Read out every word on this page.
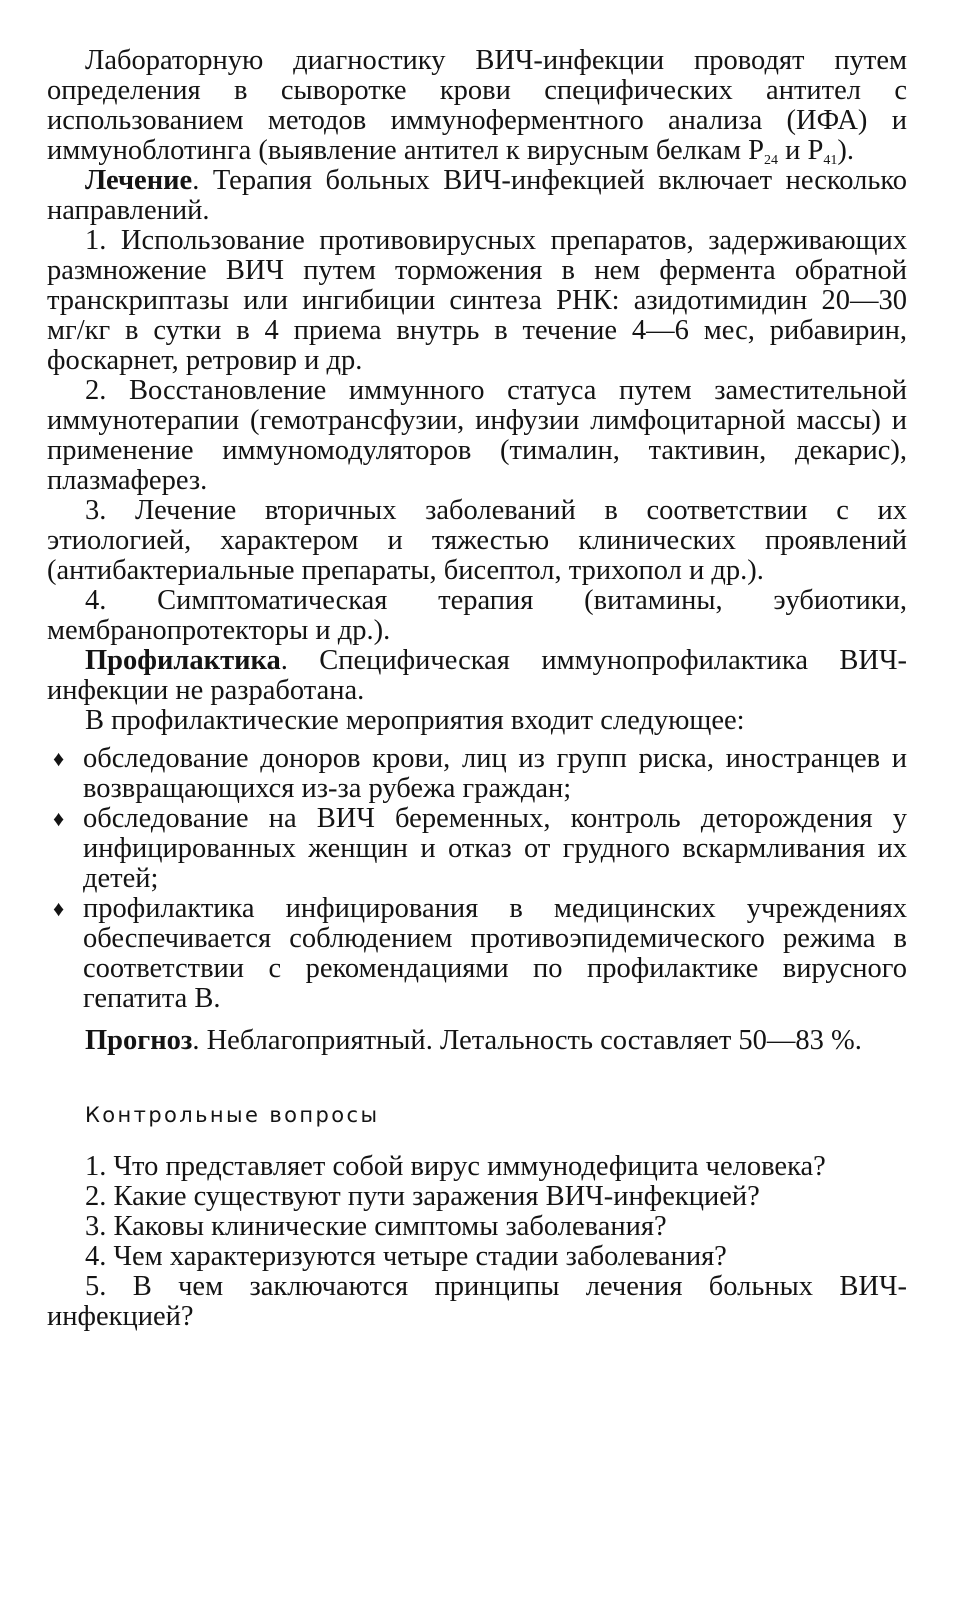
Лабораторную диагностику ВИЧ-инфекции проводят путем определения в сыворотке крови специфических антител с использованием методов иммуноферментного анализа (ИФА) и иммуноблотинга (выявление антител к вирусным белкам $P_{24}$ и $P_{41}$).

Лечение. Терапия больных ВИЧ-инфекцией включает несколько направлений.

1. Использование противовирусных препаратов, задерживающих размножение ВИЧ путем торможения в нем фермента обратной транскриптазы или ингибиции синтеза РНК: азидотимидин 20—30 мг/кг в сутки в 4 приема внутрь в течение 4—6 мес, рибавирин, фоскарнет, ретровир и др.

2. Восстановление иммунного статуса путем заместительной иммунотерапии (гемотрансфузии, инфузии лимфоцитарной массы) и применение иммуномодуляторов (тималин, тактивин, декарис), плазмаферез.

3. Лечение вторичных заболеваний в соответствии с их этиологией, характером и тяжестью клинических проявлений (антибактериальные препараты, бисептол, трихопол и др.).

4. Симптоматическая терапия (витамины, эубиотики, мембранопротекторы и др.).

Профилактика. Специфическая иммунопрофилактика ВИЧ-инфекции не разработана.

В профилактические мероприятия входит следующее:

♦ обследование доноров крови, лиц из групп риска, иностранцев и возвращающихся из-за рубежа граждан;
♦ обследование на ВИЧ беременных, контроль деторождения у инфицированных женщин и отказ от грудного вскармливания их детей;
♦ профилактика инфицирования в медицинских учреждениях обеспечивается соблюдением противоэпидемического режима в соответствии с рекомендациями по профилактике вирусного гепатита В.

Прогноз. Неблагоприятный. Летальность составляет 50—83 %.

Контрольные вопросы

1. Что представляет собой вирус иммунодефицита человека?

2. Какие существуют пути заражения ВИЧ-инфекцией?

3. Каковы клинические симптомы заболевания?

4. Чем характеризуются четыре стадии заболевания?

5. В чем заключаются принципы лечения больных ВИЧ-инфекцией?
